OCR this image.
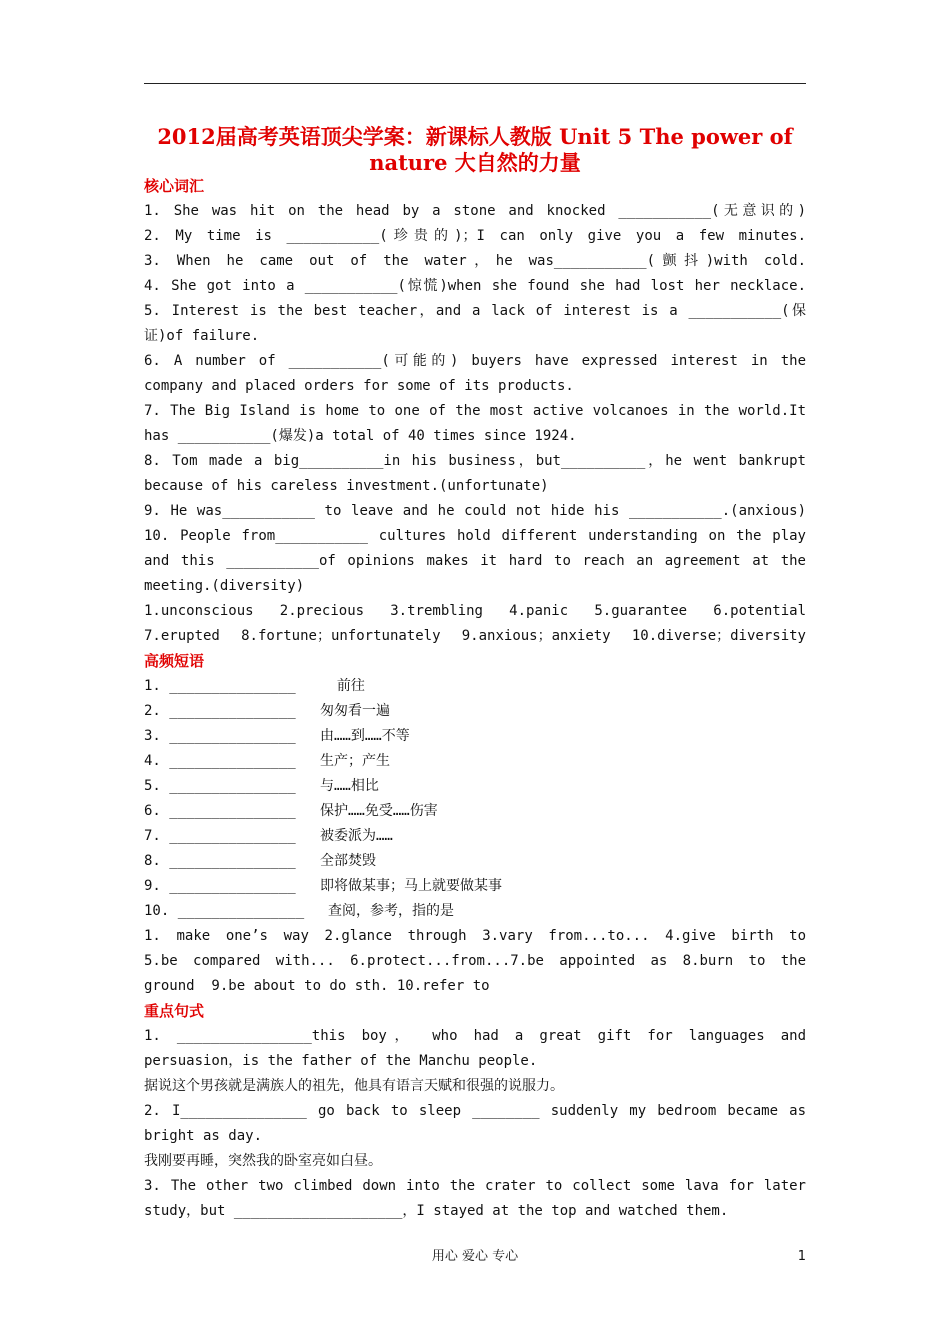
2012届高考英语顶尖学案：新课标人教版 Unit 5 The power of
nature 大自然的力量
核心词汇
1. She was hit on the head by a stone and knocked ___________(无意识的)
2. My time is ___________(珍贵的)；I can only give you a few minutes.
3. When he came out of the water，he was___________(颤抖)with cold.
4. She got into a ___________(惊慌)when she found she had lost her necklace.
5. Interest is the best teacher，and a lack of interest is a ___________(保
证)of failure.
6. A number of ___________(可能的) buyers have expressed interest in the
company and placed orders for some of its products.
7. The Big Island is home to one of the most active volcanoes in the world.It
has ___________(爆发)a total of 40 times since 1924.
8. Tom made a big__________in his business，but__________，he went bankrupt
because of his careless investment.(unfortunate)
9. He was___________ to leave and he could not hide his ___________.(anxious)
10. People from___________ cultures hold different understanding on the play
and this ___________of opinions makes it hard to reach an agreement at the
meeting.(diversity)
1.unconscious 2.precious 3.trembling 4.panic 5.guarantee 6.potential
7.erupted 8.fortune；unfortunately 9.anxious；anxiety 10.diverse；diversity
高频短语
1. _______________	前往
2. _______________	匆匆看一遍
3. _______________	由……到……不等
4. _______________	生产；产生
5. _______________	与……相比
6. _______________	保护……免受……伤害
7. _______________	被委派为……
8. _______________	全部焚毁
9. _______________	即将做某事；马上就要做某事
10. _______________	查阅，参考，指的是
1. make one’s way 2.glance through 3.vary from...to... 4.give birth to
5.be compared with... 6.protect...from...7.be appointed as 8.burn to the
ground  9.be about to do sth. 10.refer to
重点句式
1. ________________this boy， who had a great gift for languages and
persuasion，is the father of the Manchu people.
据说这个男孩就是满族人的祖先，他具有语言天赋和很强的说服力。
2. I_______________ go back to sleep ________ suddenly my bedroom became as
bright as day.
我刚要再睡，突然我的卧室亮如白昼。
3. The other two climbed down into the crater to collect some lava for later
study，but ____________________，I stayed at the top and watched them.
用心 爱心 专心	1
